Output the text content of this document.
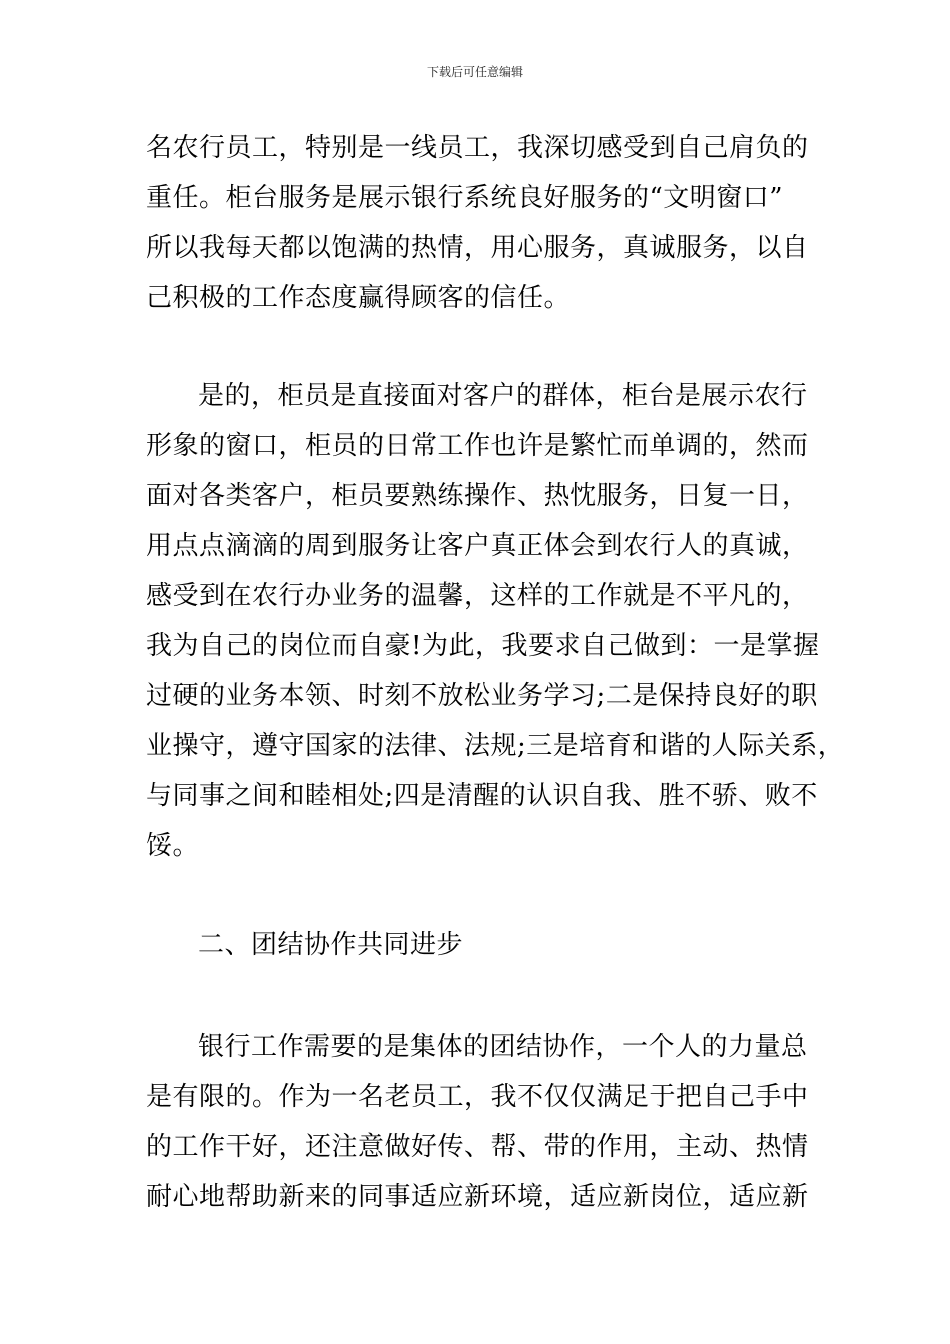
下载后可任意编辑
名农行员工，特别是一线员工，我深切感受到自己肩负的
重任。柜台服务是展示银行系统良好服务的“文明窗口”
所以我每天都以饱满的热情，用心服务，真诚服务，以自
己积极的工作态度赢得顾客的信任。
是的，柜员是直接面对客户的群体，柜台是展示农行
形象的窗口，柜员的日常工作也许是繁忙而单调的，然而
面对各类客户，柜员要熟练操作、热忱服务，日复一日，
用点点滴滴的周到服务让客户真正体会到农行人的真诚，
感受到在农行办业务的温馨，这样的工作就是不平凡的，
我为自己的岗位而自豪!为此，我要求自己做到：一是掌握
过硬的业务本领、时刻不放松业务学习;二是保持良好的职
业操守，遵守国家的法律、法规;三是培育和谐的人际关系，
与同事之间和睦相处;四是清醒的认识自我、胜不骄、败不
馁。
二、团结协作共同进步
银行工作需要的是集体的团结协作，一个人的力量总
是有限的。作为一名老员工，我不仅仅满足于把自己手中
的工作干好，还注意做好传、帮、带的作用，主动、热情
耐心地帮助新来的同事适应新环境，适应新岗位，适应新
